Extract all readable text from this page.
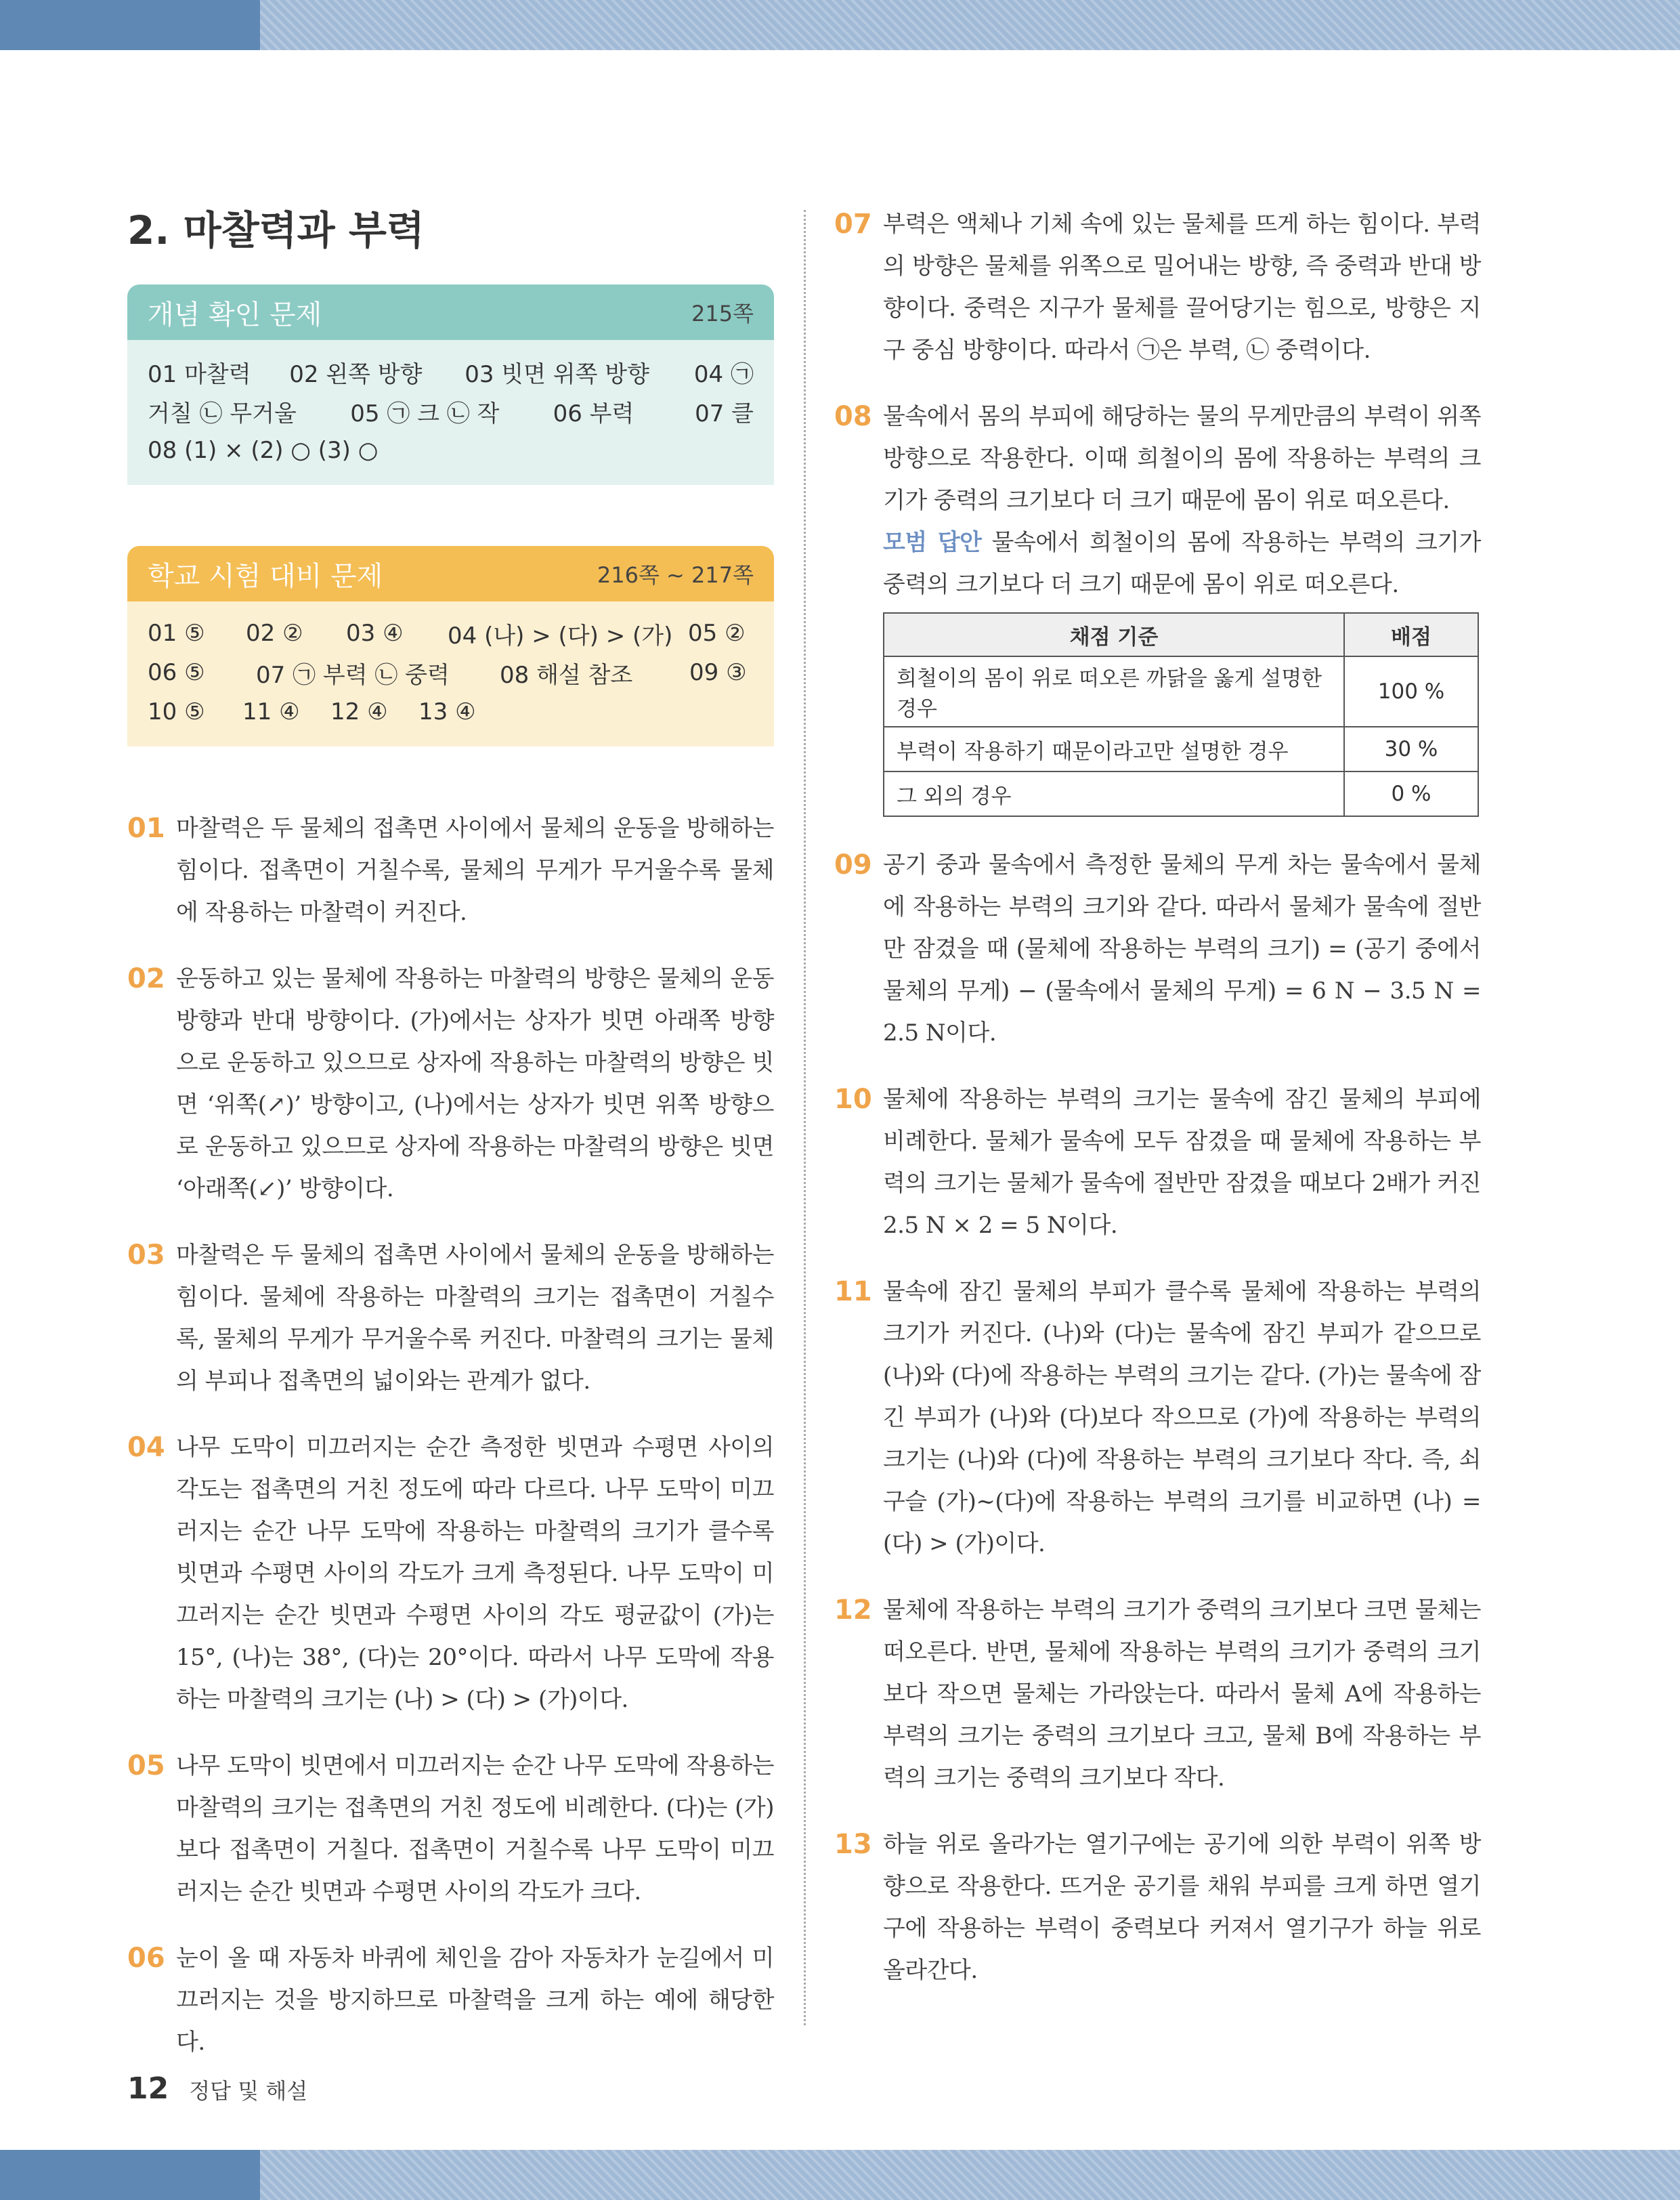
2. 마찰력과 부력
개념 확인 문제	215쪽
01 마찰력	02 왼쪽 방향	03 빗면 위쪽 방향	04 ㉠
거칠 ㉡ 무거울	05 ㉠ 크 ㉡ 작	06 부력	07 클
08 (1) × (2) ○ (3) ○
학교 시험 대비 문제	216쪽 ~ 217쪽
01 ⑤	02 ②	03 ④	04 (나) > (다) > (가) 05 ②
06 ⑤	07 ㉠ 부력 ㉡ 중력	08 해설 참조	09 ③
10 ⑤	11 ④	12 ④	13 ④
01 마찰력은 두 물체의 접촉면 사이에서 물체의 운동을 방해하는 힘이다. 접촉면이 거칠수록, 물체의 무게가 무거울수록 물체에 작용하는 마찰력이 커진다.
02 운동하고 있는 물체에 작용하는 마찰력의 방향은 물체의 운동 방향과 반대 방향이다. (가)에서는 상자가 빗면 아래쪽 방향으로 운동하고 있으므로 상자에 작용하는 마찰력의 방향은 빗면 ‘위쪽(↗)’ 방향이고, (나)에서는 상자가 빗면 위쪽 방향으로 운동하고 있으므로 상자에 작용하는 마찰력의 방향은 빗면 ‘아래쪽(↙)’ 방향이다.
03 마찰력은 두 물체의 접촉면 사이에서 물체의 운동을 방해하는 힘이다. 물체에 작용하는 마찰력의 크기는 접촉면이 거칠수록, 물체의 무게가 무거울수록 커진다. 마찰력의 크기는 물체의 부피나 접촉면의 넓이와는 관계가 없다.
04 나무 도막이 미끄러지는 순간 측정한 빗면과 수평면 사이의 각도는 접촉면의 거친 정도에 따라 다르다. 나무 도막이 미끄러지는 순간 나무 도막에 작용하는 마찰력의 크기가 클수록 빗면과 수평면 사이의 각도가 크게 측정된다. 나무 도막이 미끄러지는 순간 빗면과 수평면 사이의 각도 평균값이 (가)는 15°, (나)는 38°, (다)는 20°이다. 따라서 나무 도막에 작용하는 마찰력의 크기는 (나) > (다) > (가)이다.
05 나무 도막이 빗면에서 미끄러지는 순간 나무 도막에 작용하는 마찰력의 크기는 접촉면의 거친 정도에 비례한다. (다)는 (가)보다 접촉면이 거칠다. 접촉면이 거칠수록 나무 도막이 미끄러지는 순간 빗면과 수평면 사이의 각도가 크다.
06 눈이 올 때 자동차 바퀴에 체인을 감아 자동차가 눈길에서 미끄러지는 것을 방지하므로 마찰력을 크게 하는 예에 해당한다.
07 부력은 액체나 기체 속에 있는 물체를 뜨게 하는 힘이다. 부력의 방향은 물체를 위쪽으로 밀어내는 방향, 즉 중력과 반대 방향이다. 중력은 지구가 물체를 끌어당기는 힘으로, 방향은 지구 중심 방향이다. 따라서 ㉠은 부력, ㉡ 중력이다.
08 물속에서 몸의 부피에 해당하는 물의 무게만큼의 부력이 위쪽 방향으로 작용한다. 이때 희철이의 몸에 작용하는 부력의 크기가 중력의 크기보다 더 크기 때문에 몸이 위로 떠오른다.
모범 답안 물속에서 희철이의 몸에 작용하는 부력의 크기가 중력의 크기보다 더 크기 때문에 몸이 위로 떠오른다.
채점 기준	배점
희철이의 몸이 위로 떠오른 까닭을 옳게 설명한 경우	100 %
부력이 작용하기 때문이라고만 설명한 경우	30 %
그 외의 경우	0 %
09 공기 중과 물속에서 측정한 물체의 무게 차는 물속에서 물체에 작용하는 부력의 크기와 같다. 따라서 물체가 물속에 절반만 잠겼을 때 (물체에 작용하는 부력의 크기) = (공기 중에서 물체의 무게) − (물속에서 물체의 무게) = 6 N − 3.5 N = 2.5 N이다.
10 물체에 작용하는 부력의 크기는 물속에 잠긴 물체의 부피에 비례한다. 물체가 물속에 모두 잠겼을 때 물체에 작용하는 부력의 크기는 물체가 물속에 절반만 잠겼을 때보다 2배가 커진 2.5 N × 2 = 5 N이다.
11 물속에 잠긴 물체의 부피가 클수록 물체에 작용하는 부력의 크기가 커진다. (나)와 (다)는 물속에 잠긴 부피가 같으므로 (나)와 (다)에 작용하는 부력의 크기는 같다. (가)는 물속에 잠긴 부피가 (나)와 (다)보다 작으므로 (가)에 작용하는 부력의 크기는 (나)와 (다)에 작용하는 부력의 크기보다 작다. 즉, 쇠구슬 (가)~(다)에 작용하는 부력의 크기를 비교하면 (나) = (다) > (가)이다.
12 물체에 작용하는 부력의 크기가 중력의 크기보다 크면 물체는 떠오른다. 반면, 물체에 작용하는 부력의 크기가 중력의 크기보다 작으면 물체는 가라앉는다. 따라서 물체 A에 작용하는 부력의 크기는 중력의 크기보다 크고, 물체 B에 작용하는 부력의 크기는 중력의 크기보다 작다.
13 하늘 위로 올라가는 열기구에는 공기에 의한 부력이 위쪽 방향으로 작용한다. 뜨거운 공기를 채워 부피를 크게 하면 열기구에 작용하는 부력이 중력보다 커져서 열기구가 하늘 위로 올라간다.
12 정답 및 해설
